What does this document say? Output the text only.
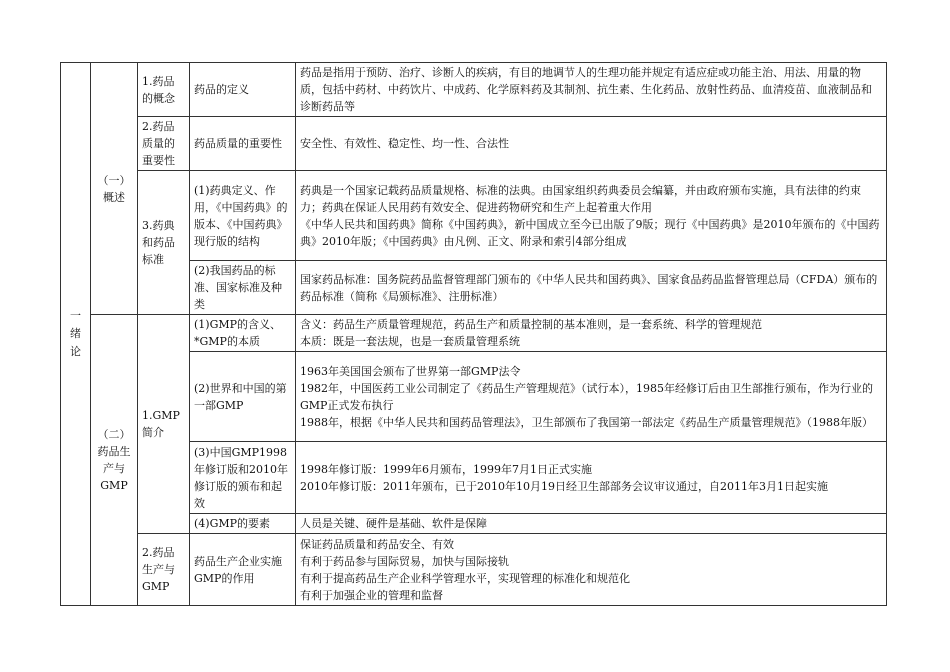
一绪论	（一）概述	1.药品的概念	药品的定义	药品是指用于预防、治疗、诊断人的疾病，有目的地调节人的生理功能并规定有适应症或功能主治、用法、用量的物质，包括中药材、中药饮片、中成药、化学原料药及其制剂、抗生素、生化药品、放射性药品、血清疫苗、血液制品和诊断药品等

		2.药品质量的重要性	药品质量的重要性	安全性、有效性、稳定性、均一性、合法性

		3.药典和药品标准	(1)药典定义、作用，《中国药典》的版本、《中国药典》现行版的结构	药典是一个国家记载药品质量规格、标准的法典。由国家组织药典委员会编纂，并由政府颁布实施，具有法律的约束力；药典在保证人民用药有效安全、促进药物研究和生产上起着重大作用
《中华人民共和国药典》简称《中国药典》，新中国成立至今已出版了9版；现行《中国药典》是2010年颁布的《中国药典》2010年版；《中国药典》由凡例、正文、附录和索引4部分组成

			(2)我国药品的标准、国家标准及种类	国家药品标准：国务院药品监督管理部门颁布的《中华人民共和国药典》、国家食品药品监督管理总局（CFDA）颁布的药品标准（简称《局颁标准》、注册标准）

	（二）药品生产与GMP	1.GMP简介	(1)GMP的含义、*GMP的本质	含义：药品生产质量管理规范，药品生产和质量控制的基本准则，是一套系统、科学的管理规范
本质：既是一套法规，也是一套质量管理系统

			(2)世界和中国的第一部GMP	1963年美国国会颁布了世界第一部GMP法令
1982年，中国医药工业公司制定了《药品生产管理规范》（试行本），1985年经修订后由卫生部推行颁布，作为行业的GMP正式发布执行
1988年，根据《中华人民共和国药品管理法》，卫生部颁布了我国第一部法定《药品生产质量管理规范》（1988年版）

			(3)中国GMP1998年修订版和2010年修订版的颁布和起效	1998年修订版：1999年6月颁布，1999年7月1日正式实施
2010年修订版：2011年颁布，已于2010年10月19日经卫生部部务会议审议通过，自2011年3月1日起实施

			(4)GMP的要素	人员是关键、硬件是基础、软件是保障

		2.药品生产与GMP	药品生产企业实施GMP的作用	保证药品质量和药品安全、有效
有利于药品参与国际贸易，加快与国际接轨
有利于提高药品生产企业科学管理水平，实现管理的标准化和规范化
有利于加强企业的管理和监督
